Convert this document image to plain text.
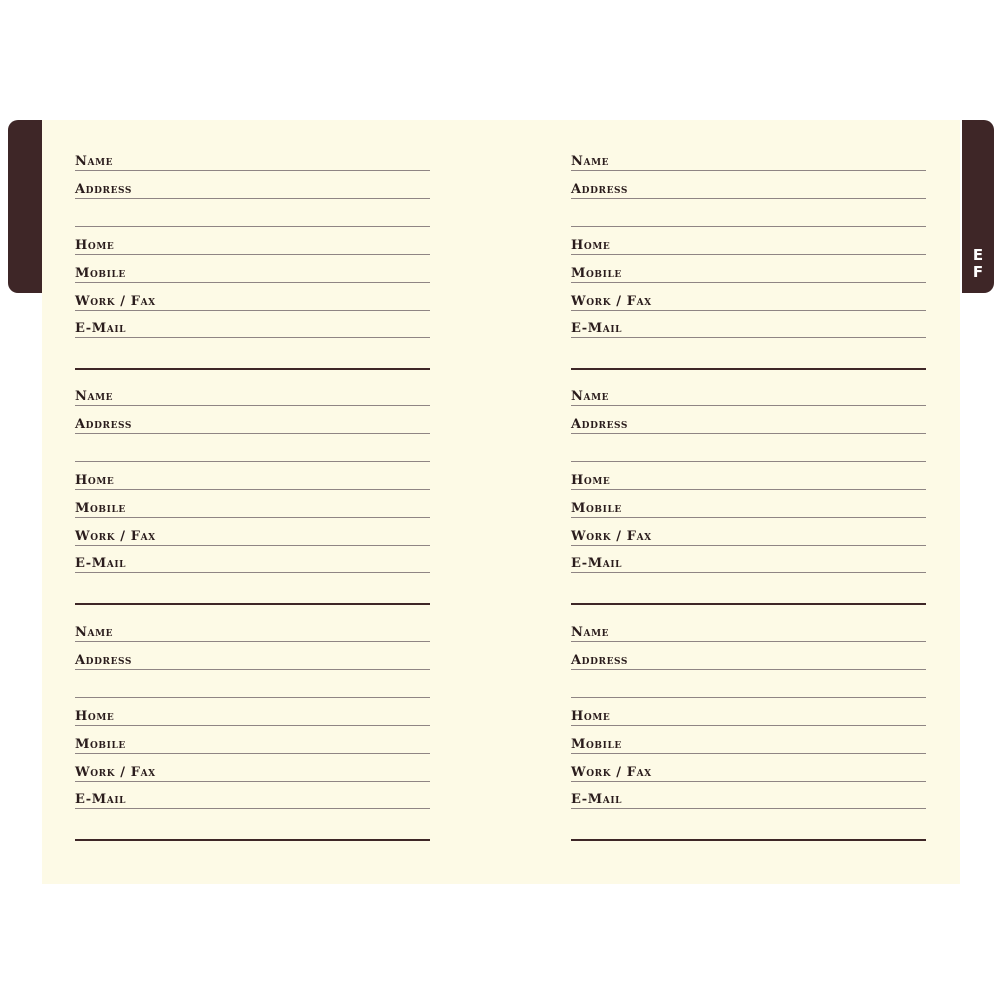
E
F
Name
Address
Home
Mobile
Work / Fax
E-Mail
Name
Address
Home
Mobile
Work / Fax
E-Mail
Name
Address
Home
Mobile
Work / Fax
E-Mail
Name
Address
Home
Mobile
Work / Fax
E-Mail
Name
Address
Home
Mobile
Work / Fax
E-Mail
Name
Address
Home
Mobile
Work / Fax
E-Mail
